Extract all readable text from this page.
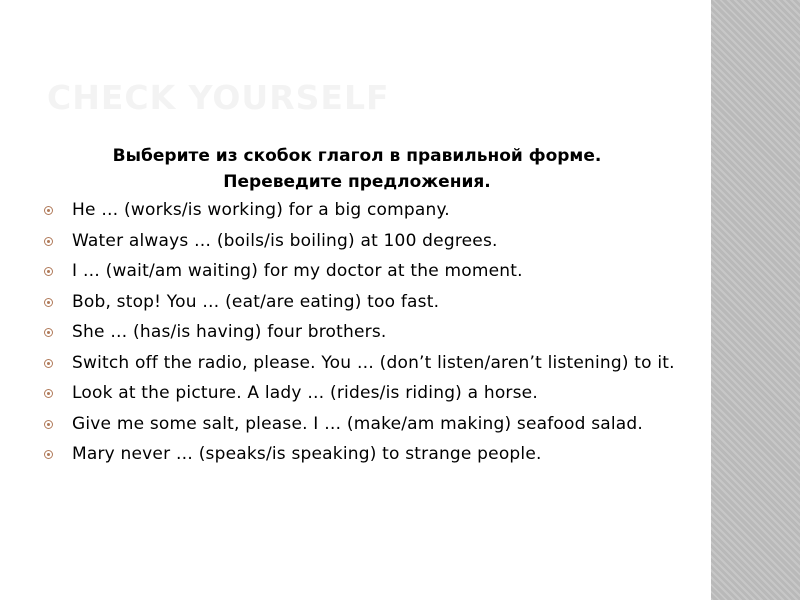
CHECK YOURSELF
Выберите из скобок глагол в правильной форме.
Переведите предложения.
He … (works/is working) for a big company.
Water always … (boils/is boiling) at 100 degrees.
I … (wait/am waiting) for my doctor at the moment.
Bob, stop! You … (eat/are eating) too fast.
She … (has/is having) four brothers.
Switch off the radio, please. You … (don’t listen/aren’t listening) to it.
Look at the picture. A lady … (rides/is riding) a horse.
Give me some salt, please. I … (make/am making) seafood salad.
Mary never … (speaks/is speaking) to strange people.
